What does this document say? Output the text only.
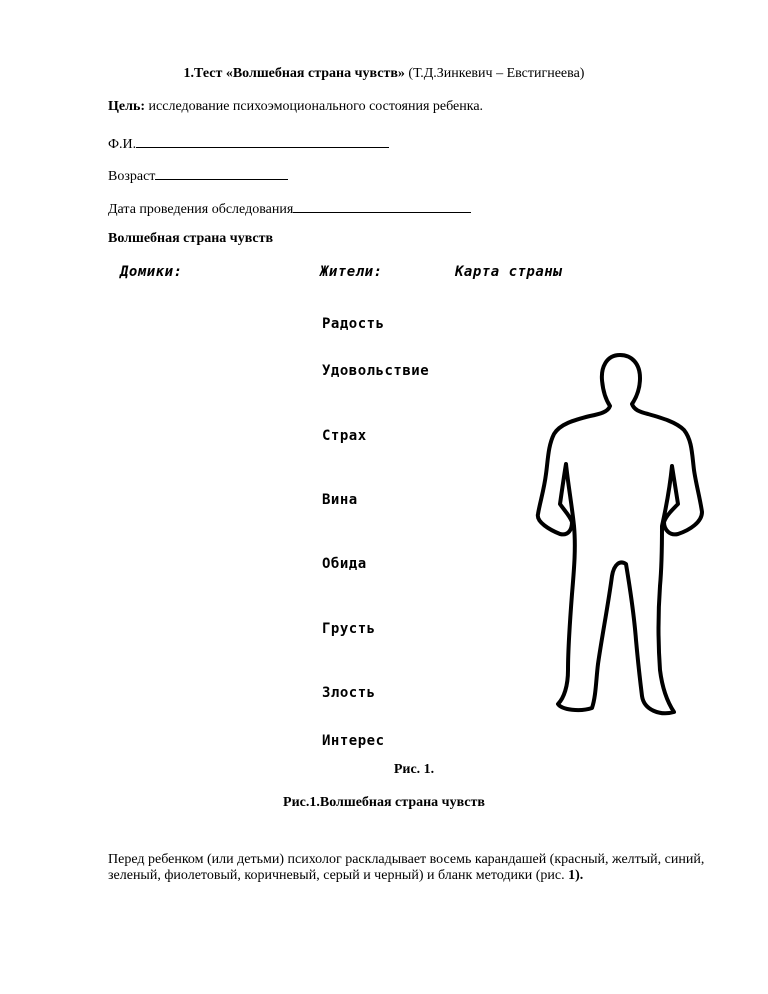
1.Тест «Волшебная страна чувств» (Т.Д.Зинкевич – Евстигнеева)
Цель: исследование психоэмоционального состояния ребенка.
Ф.И.
Возраст
Дата проведения обследования
Волшебная страна чувств
Домики:	Жители:	Карта страны
Радость
Удовольствие
Страх
Вина
Обида
Грусть
Злость
Интерес
Рис. 1.
Рис.1.Волшебная страна чувств
Перед ребенком (или детьми) психолог раскладывает восемь карандашей (красный, желтый, синий, зеленый, фиолетовый, коричневый, серый и черный) и бланк методики (рис. 1).
